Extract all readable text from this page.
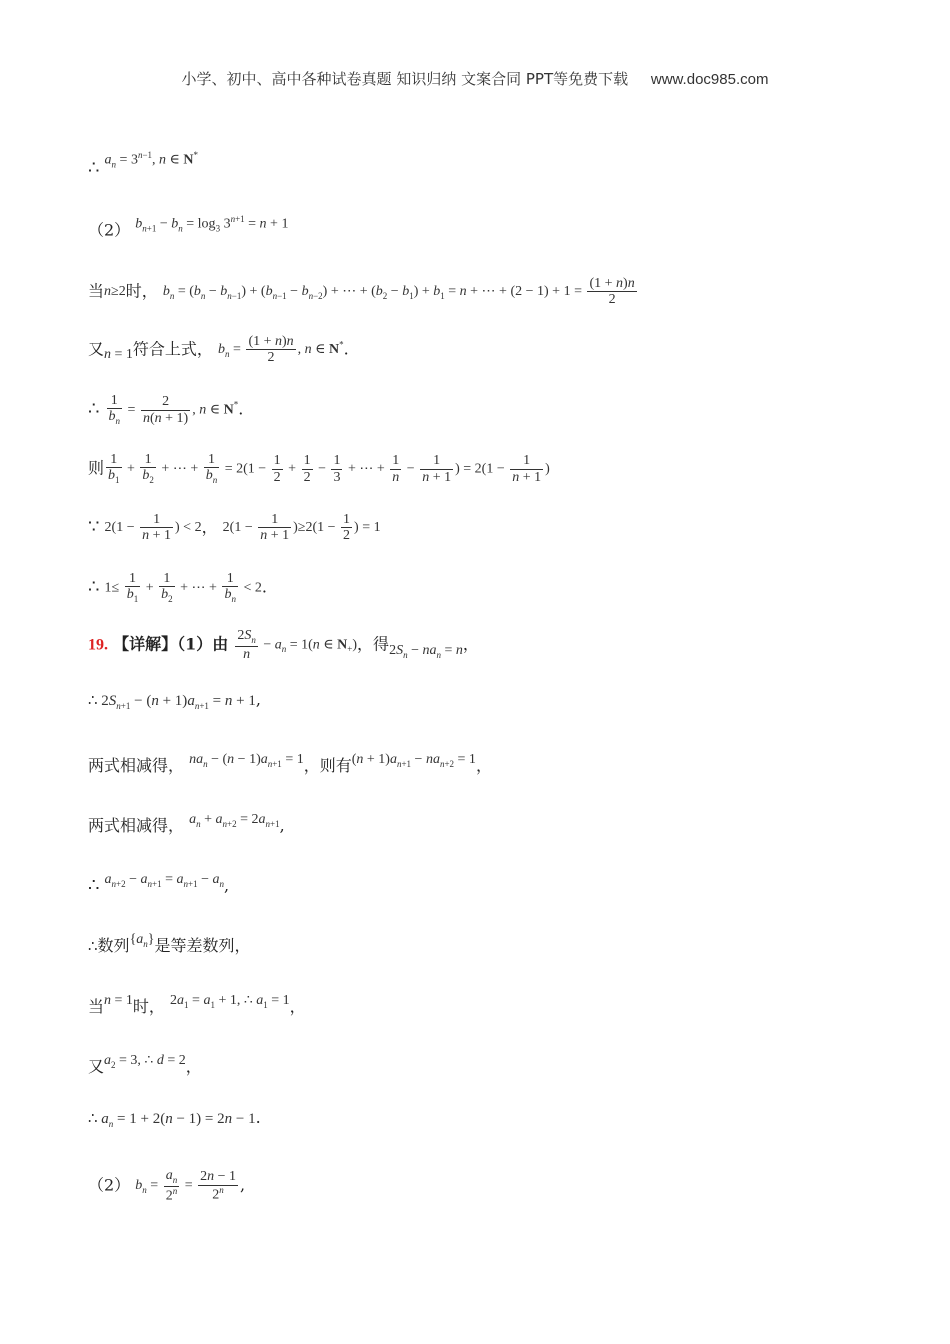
小学、初中、高中各种试卷真题 知识归纳 文案合同 PPT等免费下载 www.doc985.com
∴ $a_n = 3^{n-1}$, n ∈ N*
（2） $b_{n+1} - b_n = \log_3 3^{n+1} = n + 1$
当n≥2时， $b_n = (b_n - b_{n-1}) + (b_{n-1} - b_{n-2})$ + ⋯ + $(b_2 - b_1) + b_1 = n$ + ⋯ + $(2 - 1) + 1 = \frac{(1 + n)n}{2}$
又n = 1符合上式， $b_n = \frac{(1 + n)n}{2}$ , n ∈ N*.
∴ $\frac{1}{b_n} = \frac{2}{n(n + 1)}$ , n ∈ N*.
则 $\frac{1}{b_1} + \frac{1}{b_2}$ + ⋯ + $\frac{1}{b_n} = 2(1 - \frac{1}{2} + \frac{1}{2} - \frac{1}{3}$ + ⋯ + $\frac{1}{n} - \frac{1}{n + 1}$ ) = $2(1 - \frac{1}{n + 1}$ )
∵ $2(1 - \frac{1}{n + 1}$ ) < 2， $2(1 - \frac{1}{n + 1} )\ge 2(1 - \frac{1}{2}$ ) = 1
∴ $1\le \frac{1}{b_1} + \frac{1}{b_2}$ + ⋯ + $\frac{1}{b_n} < 2$.
19. 【详解】（1）由 $\frac{2S_n}{n} - a_n = 1(n$ ∈ $N_+$)，得$2S_n - na_n = n$，
∴ $2S_{n+1} - (n + 1)a_{n+1} = n + 1$,
两式相减得， $na_n - (n - 1)a_{n+1} = 1$，则有$(n + 1)a_{n+1} - na_{n+2} = 1$，
两式相减得， $a_n + a_{n+2} = 2a_{n+1}$,
∴ $a_{n+2} - a_{n+1} = a_{n+1} - a_n$,
∴数列$\{a_n\}$是等差数列，
当n = 1时， $2a_1 = a_1 + 1$, ∴ $a_1 = 1$，
又$a_2 = 3$, ∴ d = 2，
∴ $a_n = 1 + 2(n - 1) = 2n - 1$.
（2） $b_n = \frac{a_n}{2^n} = \frac{2n - 1}{2^n}$ ,
